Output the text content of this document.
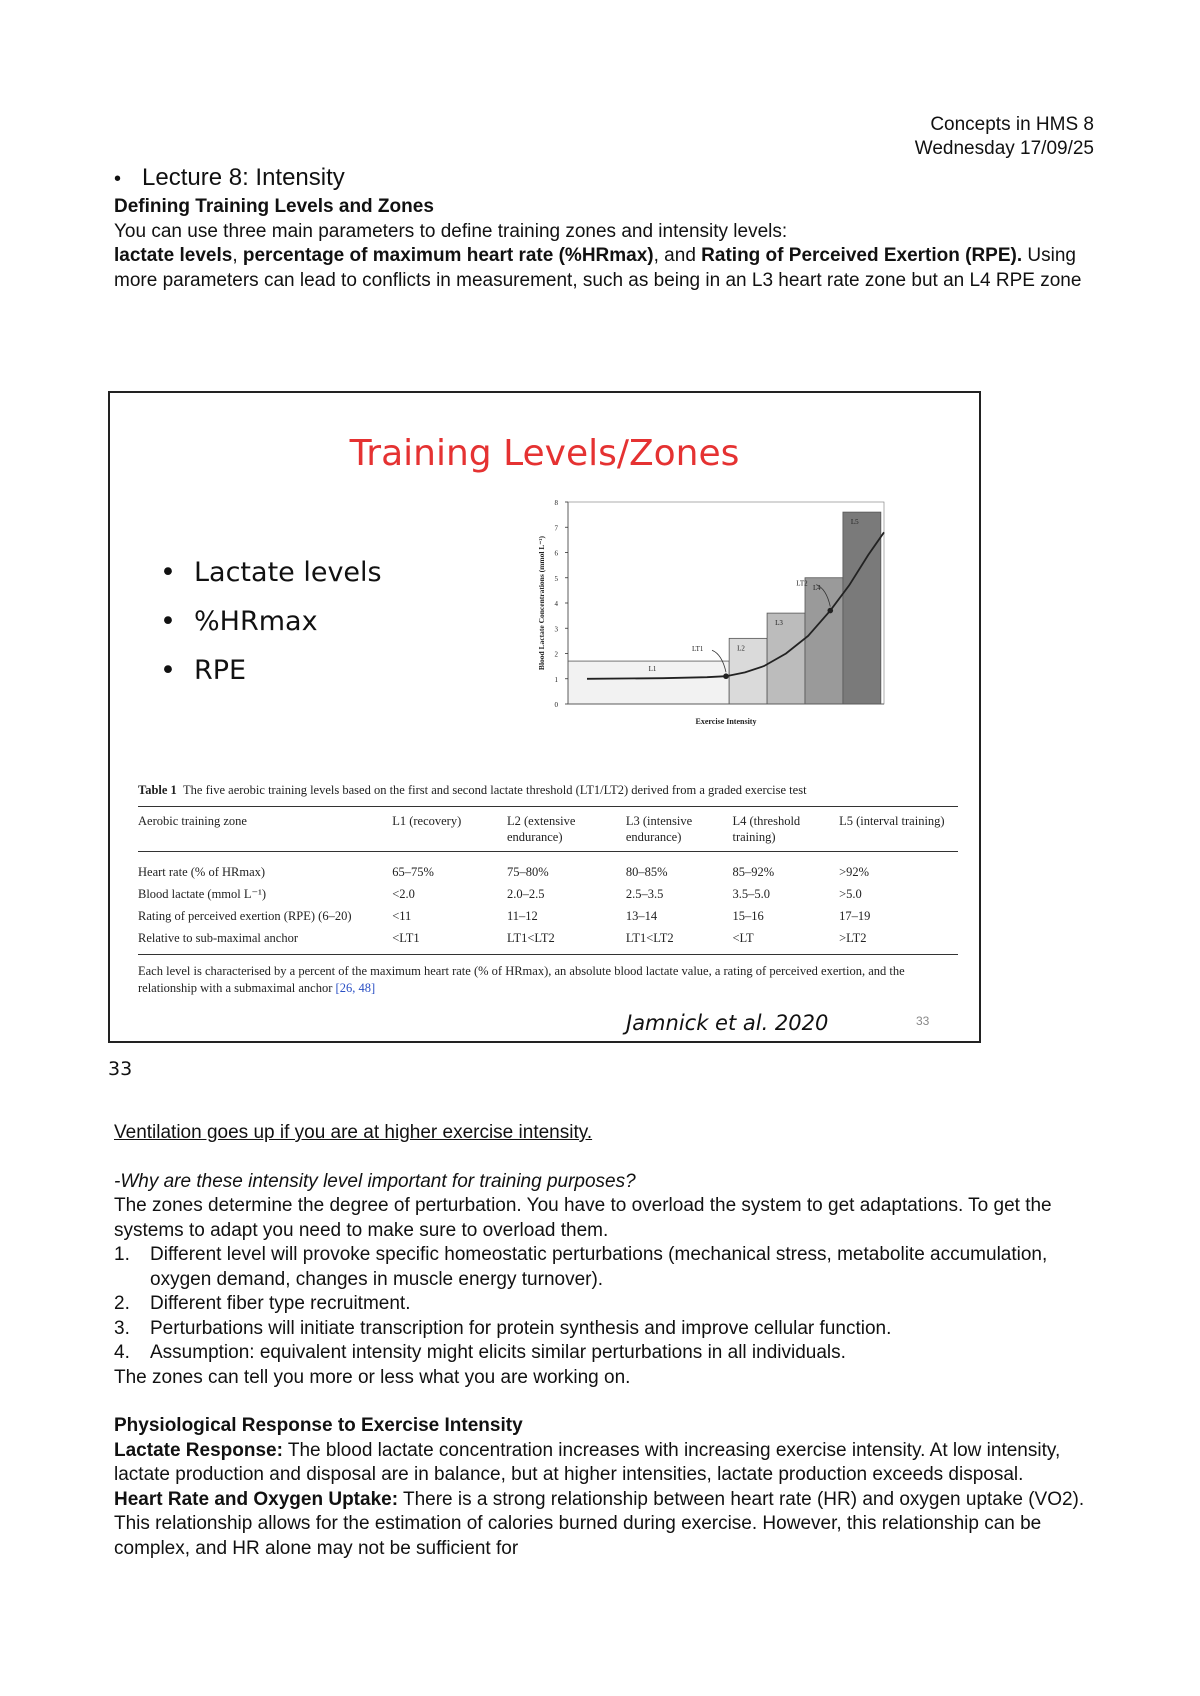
Concepts in HMS 8
Wednesday 17/09/25
• Lecture 8: Intensity
Defining Training Levels and Zones
You can use three main parameters to define training zones and intensity levels:
lactate levels, percentage of maximum heart rate (%HRmax), and Rating of Perceived Exertion (RPE). Using more parameters can lead to conflicts in measurement, such as being in an L3 heart rate zone but an L4 RPE zone
Training Levels/Zones
• Lactate levels
• %HRmax
• RPE	L1
L2
L3
L4
L5
0
1
2
3
4
5
6
7
8
Exercise Intensity
Blood Lactate Concentrations (mmol L⁻¹)	LT1
LT2
Table 1 The five aerobic training levels based on the first and second lactate threshold (LT1/LT2) derived from a graded exercise test
Aerobic training zone	L1 (recovery)	L2 (extensive endurance)	L3 (intensive endurance)	L4 (threshold training)	L5 (interval training)
Heart rate (% of HRmax)	65–75%	75–80%	80–85%	85–92%	>92%
Blood lactate (mmol L⁻¹)	<2.0	2.0–2.5	2.5–3.5	3.5–5.0	>5.0
Rating of perceived exertion (RPE) (6–20)	<11	11–12	13–14	15–16	17–19
Relative to sub-maximal anchor	<LT1	LT1<LT2	LT1<LT2	<LT	>LT2
Each level is characterised by a percent of the maximum heart rate (% of HRmax), an absolute blood lactate value, a rating of perceived exertion, and the relationship with a submaximal anchor [26, 48]
Jamnick et al. 2020	33
33
Ventilation goes up if you are at higher exercise intensity.
-Why are these intensity level important for training purposes?
The zones determine the degree of perturbation. You have to overload the system to get adaptations. To get the systems to adapt you need to make sure to overload them.
1.	Different level will provoke specific homeostatic perturbations (mechanical stress, metabolite accumulation, oxygen demand, changes in muscle energy turnover).
2.	Different fiber type recruitment.
3.	Perturbations will initiate transcription for protein synthesis and improve cellular function.
4.	Assumption: equivalent intensity might elicits similar perturbations in all individuals.
The zones can tell you more or less what you are working on.
Physiological Response to Exercise Intensity
Lactate Response: The blood lactate concentration increases with increasing exercise intensity. At low intensity, lactate production and disposal are in balance, but at higher intensities, lactate production exceeds disposal.
Heart Rate and Oxygen Uptake: There is a strong relationship between heart rate (HR) and oxygen uptake (VO2). This relationship allows for the estimation of calories burned during exercise. However, this relationship can be complex, and HR alone may not be sufficient for
